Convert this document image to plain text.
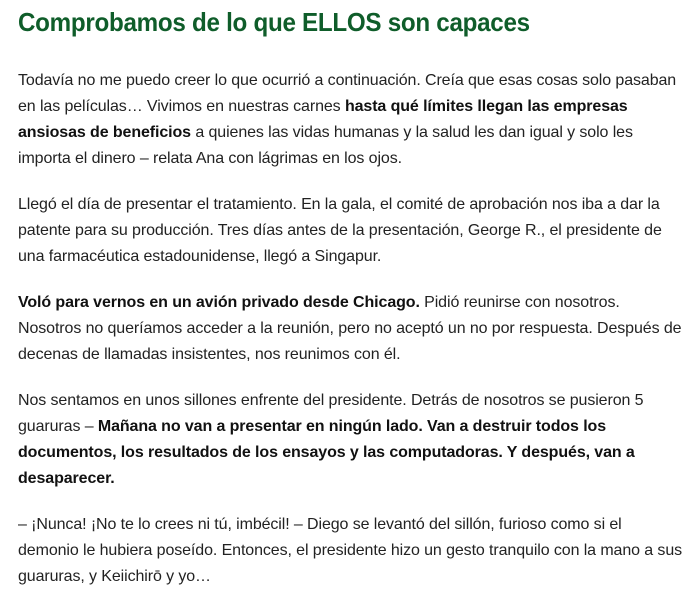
Comprobamos de lo que ELLOS son capaces

Todavía no me puedo creer lo que ocurrió a continuación. Creía que esas cosas solo pasaban en las películas… Vivimos en nuestras carnes hasta qué límites llegan las empresas ansiosas de beneficios a quienes las vidas humanas y la salud les dan igual y solo les importa el dinero – relata Ana con lágrimas en los ojos.

Llegó el día de presentar el tratamiento. En la gala, el comité de aprobación nos iba a dar la patente para su producción. Tres días antes de la presentación, George R., el presidente de una farmacéutica estadounidense, llegó a Singapur.

Voló para vernos en un avión privado desde Chicago. Pidió reunirse con nosotros. Nosotros no queríamos acceder a la reunión, pero no aceptó un no por respuesta. Después de decenas de llamadas insistentes, nos reunimos con él.

Nos sentamos en unos sillones enfrente del presidente. Detrás de nosotros se pusieron 5 guaruras – Mañana no van a presentar en ningún lado. Van a destruir todos los documentos, los resultados de los ensayos y las computadoras. Y después, van a desaparecer.

– ¡Nunca! ¡No te lo crees ni tú, imbécil! – Diego se levantó del sillón, furioso como si el demonio le hubiera poseído. Entonces, el presidente hizo un gesto tranquilo con la mano a sus guaruras, y Keiichirō y yo…
